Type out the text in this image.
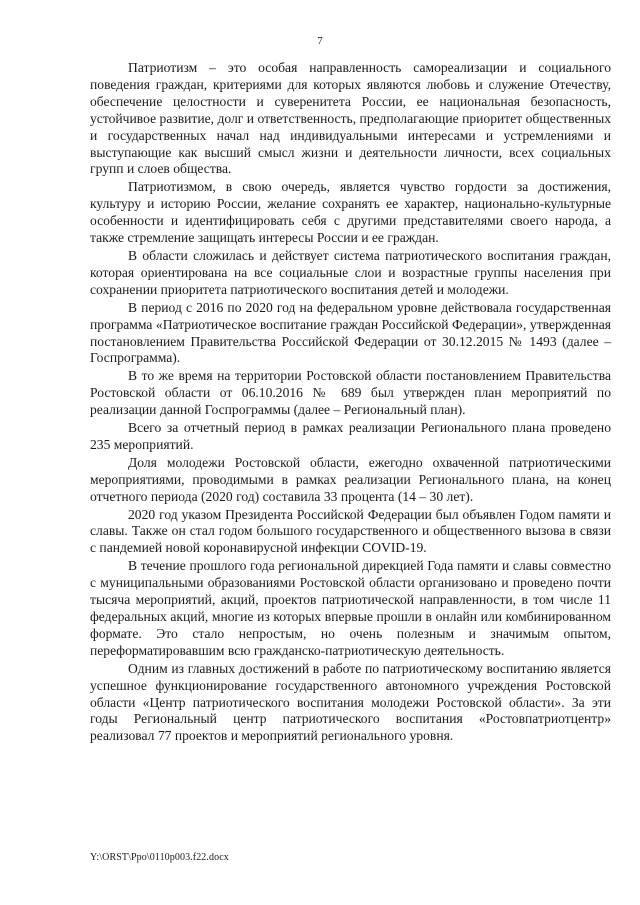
7

Патриотизм – это особая направленность самореализации и социального поведения граждан, критериями для которых являются любовь и служение Отечеству, обеспечение целостности и суверенитета России, ее национальная безопасность, устойчивое развитие, долг и ответственность, предполагающие приоритет общественных и государственных начал над индивидуальными интересами и устремлениями и выступающие как высший смысл жизни и деятельности личности, всех социальных групп и слоев общества.

Патриотизмом, в свою очередь, является чувство гордости за достижения, культуру и историю России, желание сохранять ее характер, национально-культурные особенности и идентифицировать себя с другими представителями своего народа, а также стремление защищать интересы России и ее граждан.

В области сложилась и действует система патриотического воспитания граждан, которая ориентирована на все социальные слои и возрастные группы населения при сохранении приоритета патриотического воспитания детей и молодежи.

В период с 2016 по 2020 год на федеральном уровне действовала государственная программа «Патриотическое воспитание граждан Российской Федерации», утвержденная постановлением Правительства Российской Федерации от 30.12.2015 № 1493 (далее – Госпрограмма).

В то же время на территории Ростовской области постановлением Правительства Ростовской области от 06.10.2016 № 689 был утвержден план мероприятий по реализации данной Госпрограммы (далее – Региональный план).

Всего за отчетный период в рамках реализации Регионального плана проведено 235 мероприятий.

Доля молодежи Ростовской области, ежегодно охваченной патриотическими мероприятиями, проводимыми в рамках реализации Регионального плана, на конец отчетного периода (2020 год) составила 33 процента (14 – 30 лет).

2020 год указом Президента Российской Федерации был объявлен Годом памяти и славы. Также он стал годом большого государственного и общественного вызова в связи с пандемией новой коронавирусной инфекции COVID-19.

В течение прошлого года региональной дирекцией Года памяти и славы совместно с муниципальными образованиями Ростовской области организовано и проведено почти тысяча мероприятий, акций, проектов патриотической направленности, в том числе 11 федеральных акций, многие из которых впервые прошли в онлайн или комбинированном формате. Это стало непростым, но очень полезным и значимым опытом, переформатировавшим всю гражданско-патриотическую деятельность.

Одним из главных достижений в работе по патриотическому воспитанию является успешное функционирование государственного автономного учреждения Ростовской области «Центр патриотического воспитания молодежи Ростовской области». За эти годы Региональный центр патриотического воспитания «Ростовпатриотцентр» реализовал 77 проектов и мероприятий регионального уровня.

Y:\ORST\Ppo\0110p003.f22.docx
